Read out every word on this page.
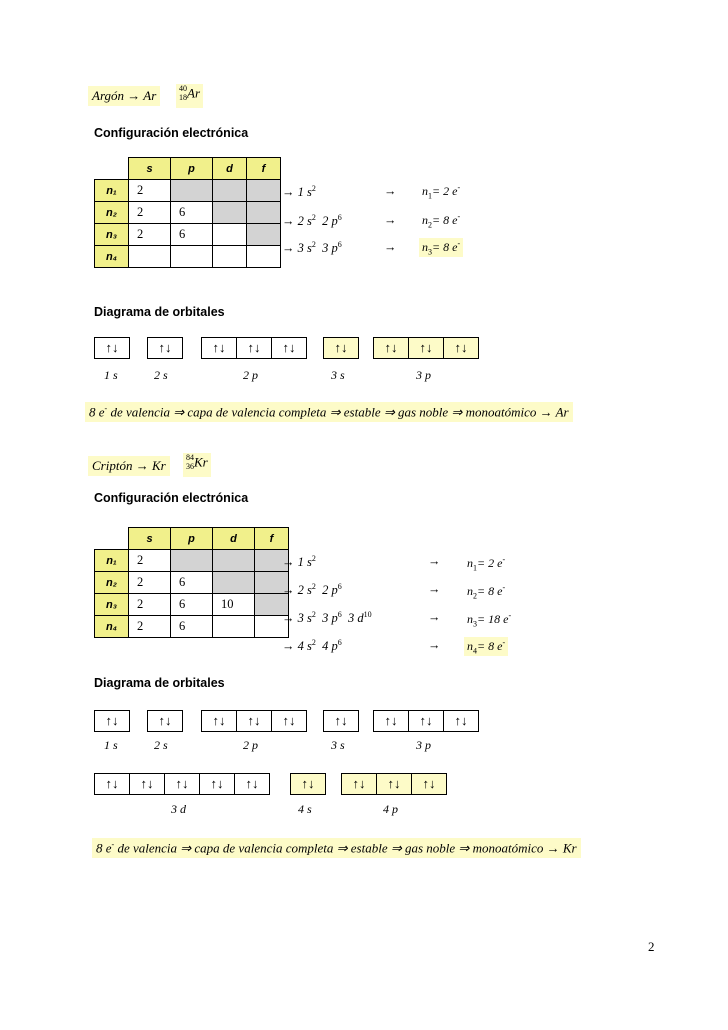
Argón → Ar	40
18Ar
Configuración electrónica
	s	p	d	f
n₁	2			
n₂	2	6		
n₃	2	6		
n₄				
→ 1 $s^2$	→ $n_1= 2$ e-
→ 2 $s^2$ 2 $p^6$	→ $n_2= 8$ e-
→ 3 $s^2$ 3 $p^6$	→ $n_3= 8$ e-
Diagrama de orbitales
↑↓	↑↓	↑↓	↑↓	↑↓	↑↓	↑↓	↑↓	↑↓
1 s	2 s	2 p	3 s	3 p
8 e- de valencia ⇒ capa de valencia completa ⇒ estable ⇒ gas noble ⇒ monoatómico → Ar
Criptón → Kr
84
36Kr
Configuración electrónica
	s	p	d	f
n₁	2			
n₂	2	6		
n₃	2	6	10	
n₄	2	6		
→ 1 $s^2$	→ $n_1= 2$ e-
→ 2 $s^2$ 2 $p^6$	→ $n_2= 8$ e-
→ 3 $s^2$ 3 $p^6$ 3 $d^{10}$	→ $n_3= 18$ e-
→ 4 $s^2$ 4 $p^6$	→ $n_4= 8$ e-
Diagrama de orbitales
↑↓	↑↓	↑↓	↑↓	↑↓	↑↓	↑↓	↑↓	↑↓
1 s	2 s	2 p	3 s	3 p
↑↓	↑↓	↑↓	↑↓	↑↓	↑↓	↑↓	↑↓	↑↓
3 d	4 s	4 p
8 e- de valencia ⇒ capa de valencia completa ⇒ estable ⇒ gas noble ⇒ monoatómico → Kr
2
